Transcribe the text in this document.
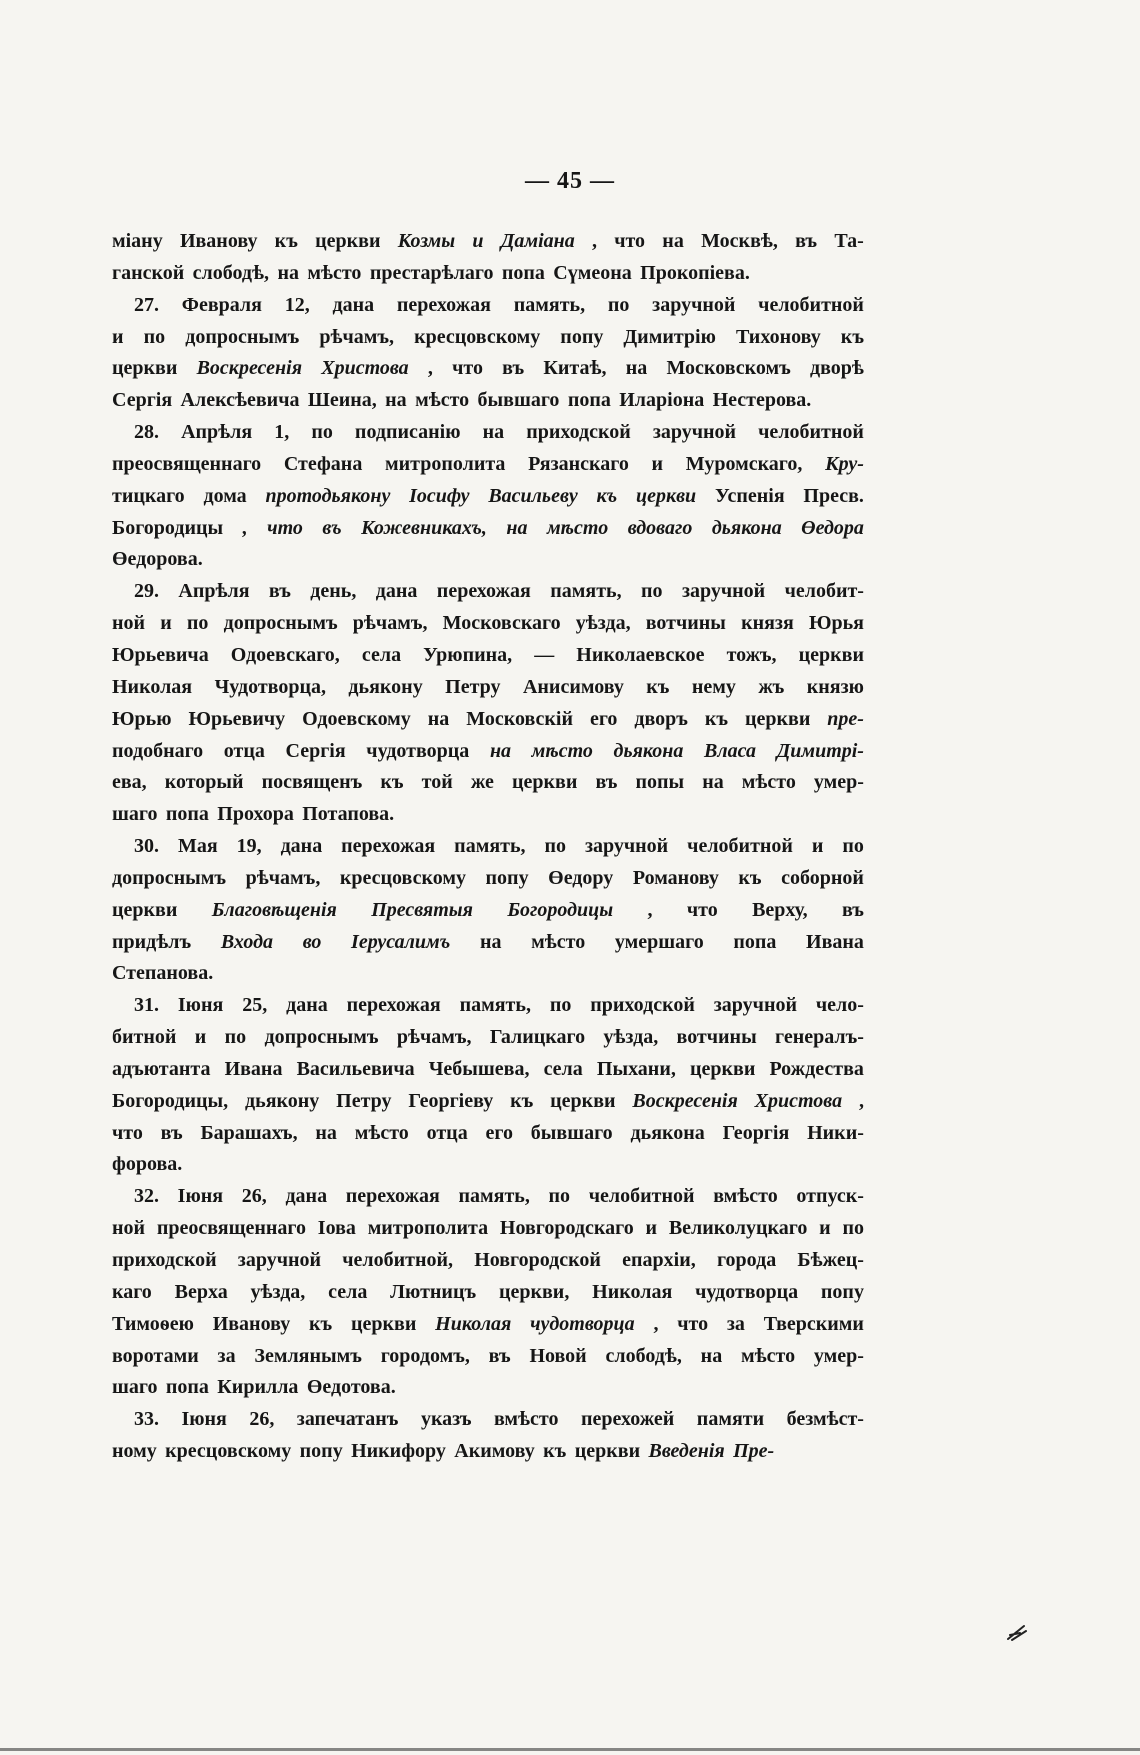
— 45 —
міану Иванову къ церкви Козмы и Даміана , что на Москвѣ, въ Та-
ганской слободѣ, на мѣсто престарѣлаго попа Сүмеона Прокопіева.
27. Февраля 12, дана перехожая память, по заручной челобитной
и по допроснымъ рѣчамъ, кресцовскому попу Димитрію Тихонову къ
церкви Воскресенія Христова , что въ Китаѣ, на Московскомъ дворѣ
Сергія Алексѣевича Шеина, на мѣсто бывшаго попа Иларіона Нестерова.
28. Апрѣля 1, по подписанію на приходской заручной челобитной
преосвященнаго Стефана митрополита Рязанскаго и Муромскаго, Кру-
тицкаго дома протодьякону Іосифу Васильеву къ церкви Успенія Пресв.
Богородицы , что въ Кожевникахъ, на мѣсто вдоваго дьякона Өедора
Өедорова.
29. Апрѣля въ день, дана перехожая память, по заручной челобит-
ной и по допроснымъ рѣчамъ, Московскаго уѣзда, вотчины князя Юрья
Юрьевича Одоевскаго, села Урюпина, — Николаевское тожъ, церкви
Николая Чудотворца, дьякону Петру Анисимову къ нему жъ князю
Юрью Юрьевичу Одоевскому на Московскій его дворъ къ церкви пре-
подобнаго отца Сергія чудотворца на мѣсто дьякона Власа Димитрі-
ева, который посвященъ къ той же церкви въ попы на мѣсто умер-
шаго попа Прохора Потапова.
30. Мая 19, дана перехожая память, по заручной челобитной и по
допроснымъ рѣчамъ, кресцовскому попу Өедору Романову къ соборной
церкви Благовѣщенія Пресвятыя Богородицы , что Верху, въ
придѣлъ Входа во Іерусалимъ на мѣсто умершаго попа Ивана
Степанова.
31. Іюня 25, дана перехожая память, по приходской заручной чело-
битной и по допроснымъ рѣчамъ, Галицкаго уѣзда, вотчины генералъ-
адъютанта Ивана Васильевича Чебышева, села Пыхани, церкви Рождества
Богородицы, дьякону Петру Георгіеву къ церкви Воскресенія Христова ,
что въ Барашахъ, на мѣсто отца его бывшаго дьякона Георгія Ники-
форова.
32. Іюня 26, дана перехожая память, по челобитной вмѣсто отпуск-
ной преосвященнаго Іова митрополита Новгородскаго и Великолуцкаго и по
приходской заручной челобитной, Новгородской епархіи, города Бѣжец-
каго Верха уѣзда, села Лютницъ церкви, Николая чудотворца попу
Тимоѳею Иванову къ церкви Николая чудотворца , что за Тверскими
воротами за Землянымъ городомъ, въ Новой слободѣ, на мѣсто умер-
шаго попа Кирилла Өедотова.
33. Іюня 26, запечатанъ указъ вмѣсто перехожей памяти безмѣст-
ному кресцовскому попу Никифору Акимову къ церкви Введенія Пре-
